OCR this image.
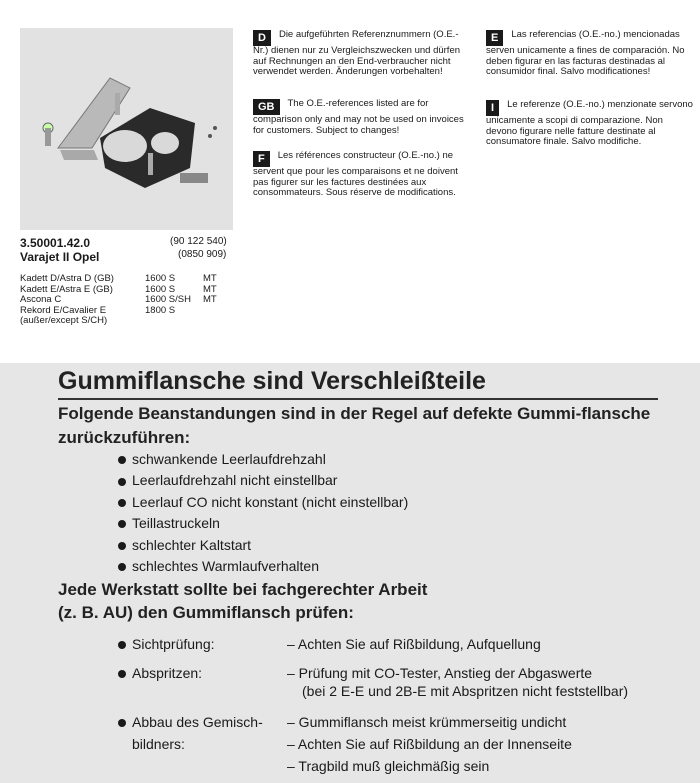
3.50001.42.0
Varajet II Opel
(90 122 540)
(0850 909)
Kadett D/Astra D (GB)	1600 S	MT
Kadett E/Astra E (GB)	1600 S	MT
Ascona C	1600 S/SH MT
Rekord E/Cavalier E	1800 S
(außer/except S/CH)
D Die aufgeführten Referenznummern (O.E.-Nr.) dienen nur zu Vergleichszwecken und dürfen auf Rechnungen an den End-verbraucher nicht verwendet werden. Änderungen vorbehalten!
GB The O.E.-references listed are for comparison only and may not be used on invoices for customers. Subject to changes!
F Les références constructeur (O.E.-no.) ne servent que pour les comparaisons et ne doivent pas figurer sur les factures destinées aux consommateurs. Sous réserve de modifications.
E Las referencias (O.E.-no.) mencionadas serven unicamente a fines de comparación. No deben figurar en las facturas destinadas al consumidor final. Salvo modificationes!
I Le referenze (O.E.-no.) menzionate servono unicamente a scopi di comparazione. Non devono figurare nelle fatture destinate al consumatore finale. Salvo modifiche.
Gummiflansche sind Verschleißteile
Folgende Beanstandungen sind in der Regel auf defekte Gummi-flansche zurückzuführen:
schwankende Leerlaufdrehzahl
Leerlaufdrehzahl nicht einstellbar
Leerlauf CO nicht konstant (nicht einstellbar)
Teillastruckeln
schlechter Kaltstart
schlechtes Warmlaufverhalten
Jede Werkstatt sollte bei fachgerechter Arbeit
(z. B. AU) den Gummiflansch prüfen:
Sichtprüfung:	– Achten Sie auf Rißbildung, Aufquellung
Abspritzen:	– Prüfung mit CO-Tester, Anstieg der Abgaswerte
(bei 2 E-E und 2B-E mit Abspritzen nicht feststellbar)
Abbau des Gemisch-
bildners:
– Gummiflansch meist krümmerseitig undicht
– Achten Sie auf Rißbildung an der Innenseite
– Tragbild muß gleichmäßig sein
